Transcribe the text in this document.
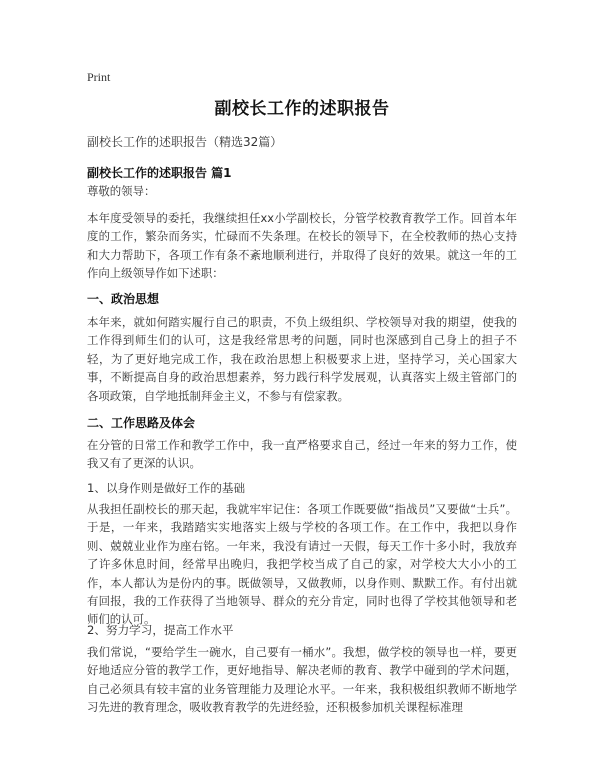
Print
副校长工作的述职报告
副校长工作的述职报告（精选32篇）
副校长工作的述职报告 篇1
尊敬的领导：
本年度受领导的委托，我继续担任xx小学副校长，分管学校教育教学工作。回首本年度的工作，繁杂而务实，忙碌而不失条理。在校长的领导下，在全校教师的热心支持和大力帮助下，各项工作有条不紊地顺利进行，并取得了良好的效果。就这一年的工作向上级领导作如下述职：
一、政治思想
本年来，就如何踏实履行自己的职责，不负上级组织、学校领导对我的期望，使我的工作得到师生们的认可，这是我经常思考的问题，同时也深感到自己身上的担子不轻，为了更好地完成工作，我在政治思想上积极要求上进，坚持学习，关心国家大事，不断提高自身的政治思想素养，努力践行科学发展观，认真落实上级主管部门的各项政策，自学地抵制拜金主义，不参与有偿家教。
二、工作思路及体会
在分管的日常工作和教学工作中，我一直严格要求自己，经过一年来的努力工作，使我又有了更深的认识。
1、以身作则是做好工作的基础
从我担任副校长的那天起，我就牢牢记住：各项工作既要做“指战员”又要做“士兵”。于是，一年来，我踏踏实实地落实上级与学校的各项工作。在工作中，我把以身作则、兢兢业业作为座右铭。一年来，我没有请过一天假，每天工作十多小时，我放弃了许多休息时间，经常早出晚归，我把学校当成了自己的家，对学校大大小小的工作，本人都认为是份内的事。既做领导，又做教师，以身作则、默默工作。有付出就有回报，我的工作获得了当地领导、群众的充分肯定，同时也得了学校其他领导和老师们的认可。
2、努力学习，提高工作水平
我们常说，“要给学生一碗水，自己要有一桶水”。我想，做学校的领导也一样，要更好地适应分管的教学工作，更好地指导、解决老师的教育、教学中碰到的学术问题，自己必须具有较丰富的业务管理能力及理论水平。一年来，我积极组织教师不断地学习先进的教育理念，吸收教育教学的先进经验，还积极参加机关课程标准理
